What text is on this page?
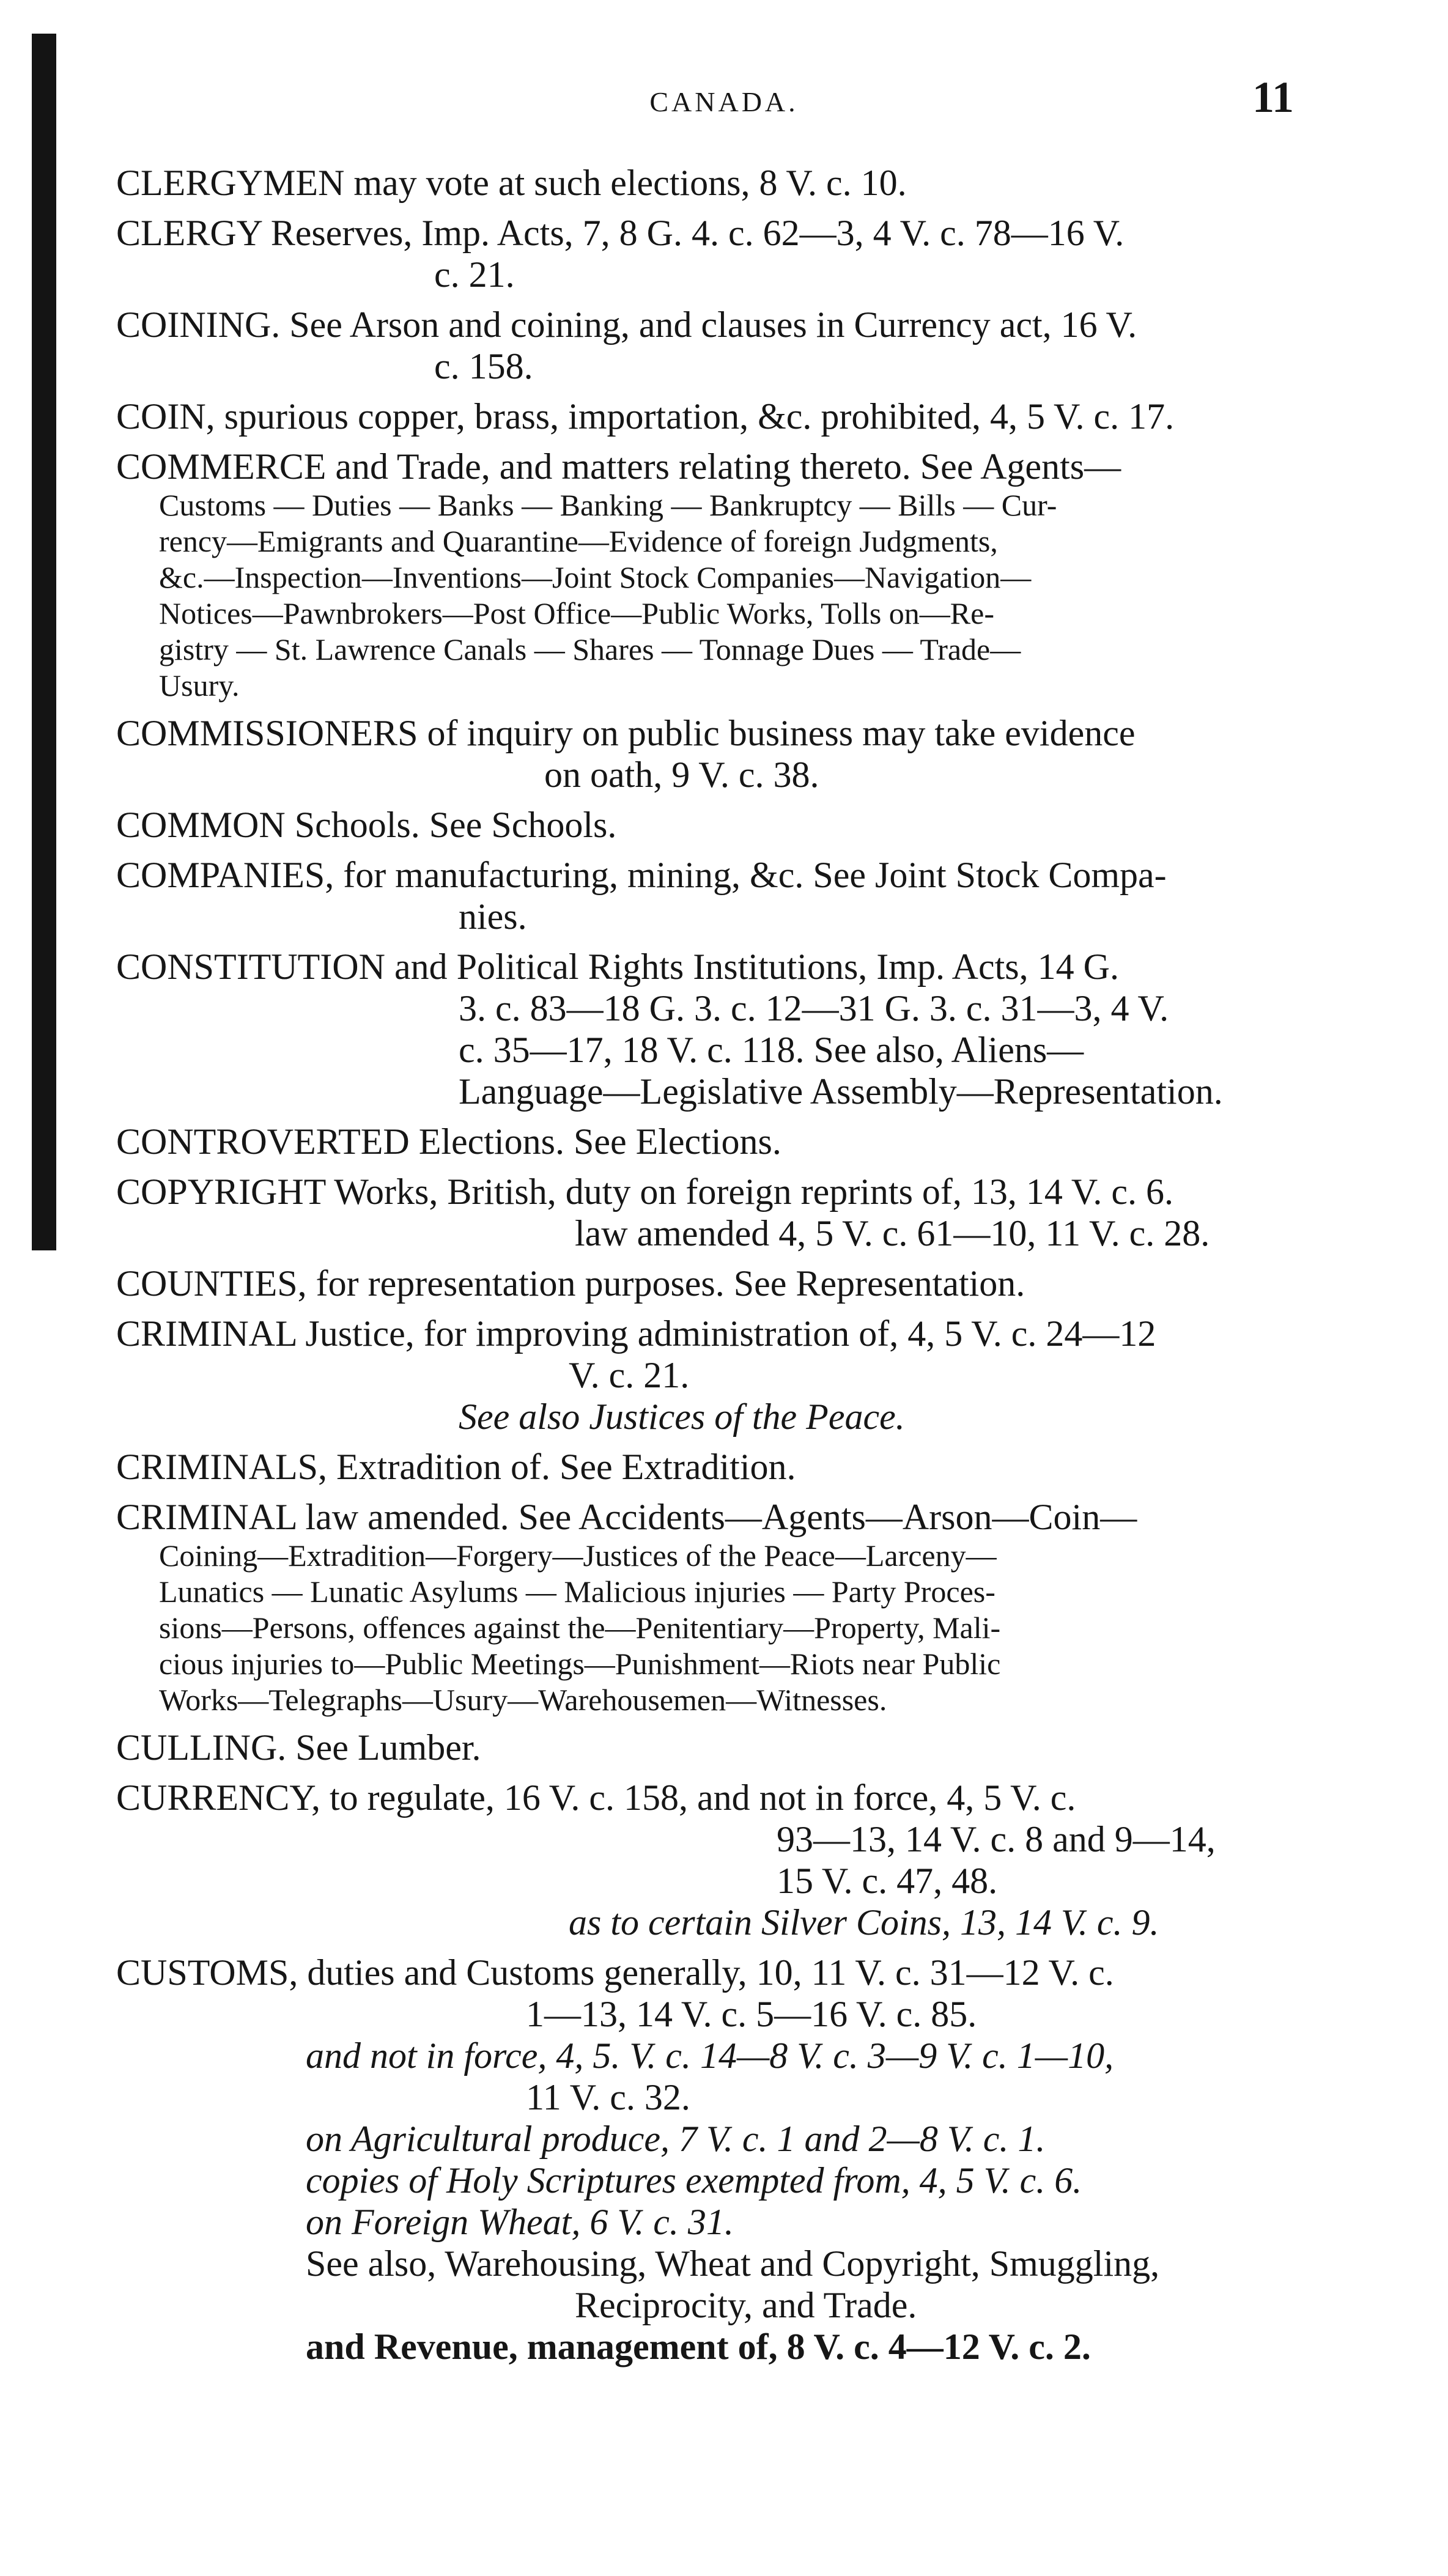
CANADA.	11
CLERGYMEN may vote at such elections, 8 V. c. 10.
CLERGY Reserves, Imp. Acts, 7, 8 G. 4. c. 62—3, 4 V. c. 78—16 V.
c. 21.
COINING. See Arson and coining, and clauses in Currency act, 16 V.
c. 158.
COIN, spurious copper, brass, importation, &c. prohibited, 4, 5 V. c. 17.
COMMERCE and Trade, and matters relating thereto. See Agents—
Customs — Duties — Banks — Banking — Bankruptcy — Bills — Cur-
rency—Emigrants and Quarantine—Evidence of foreign Judgments,
&c.—Inspection—Inventions—Joint Stock Companies—Navigation—
Notices—Pawnbrokers—Post Office—Public Works, Tolls on—Re-
gistry — St. Lawrence Canals — Shares — Tonnage Dues — Trade—
Usury.
COMMISSIONERS of inquiry on public business may take evidence
on oath, 9 V. c. 38.
COMMON Schools. See Schools.
COMPANIES, for manufacturing, mining, &c. See Joint Stock Compa-
nies.
CONSTITUTION and Political Rights Institutions, Imp. Acts, 14 G.
3. c. 83—18 G. 3. c. 12—31 G. 3. c. 31—3, 4 V.
c. 35—17, 18 V. c. 118. See also, Aliens—
Language—Legislative Assembly—Representation.
CONTROVERTED Elections. See Elections.
COPYRIGHT Works, British, duty on foreign reprints of, 13, 14 V. c. 6.
law amended 4, 5 V. c. 61—10, 11 V. c. 28.
COUNTIES, for representation purposes. See Representation.
CRIMINAL Justice, for improving administration of, 4, 5 V. c. 24—12
V. c. 21.
See also Justices of the Peace.
CRIMINALS, Extradition of. See Extradition.
CRIMINAL law amended. See Accidents—Agents—Arson—Coin—
Coining—Extradition—Forgery—Justices of the Peace—Larceny—
Lunatics — Lunatic Asylums — Malicious injuries — Party Proces-
sions—Persons, offences against the—Penitentiary—Property, Mali-
cious injuries to—Public Meetings—Punishment—Riots near Public
Works—Telegraphs—Usury—Warehousemen—Witnesses.
CULLING. See Lumber.
CURRENCY, to regulate, 16 V. c. 158, and not in force, 4, 5 V. c.
93—13, 14 V. c. 8 and 9—14,
15 V. c. 47, 48.
as to certain Silver Coins, 13, 14 V. c. 9.
CUSTOMS, duties and Customs generally, 10, 11 V. c. 31—12 V. c.
1—13, 14 V. c. 5—16 V. c. 85.
and not in force, 4, 5. V. c. 14—8 V. c. 3—9 V. c. 1—10,
11 V. c. 32.
on Agricultural produce, 7 V. c. 1 and 2—8 V. c. 1.
copies of Holy Scriptures exempted from, 4, 5 V. c. 6.
on Foreign Wheat, 6 V. c. 31.
See also, Warehousing, Wheat and Copyright, Smuggling,
Reciprocity, and Trade.
and Revenue, management of, 8 V. c. 4—12 V. c. 2.
